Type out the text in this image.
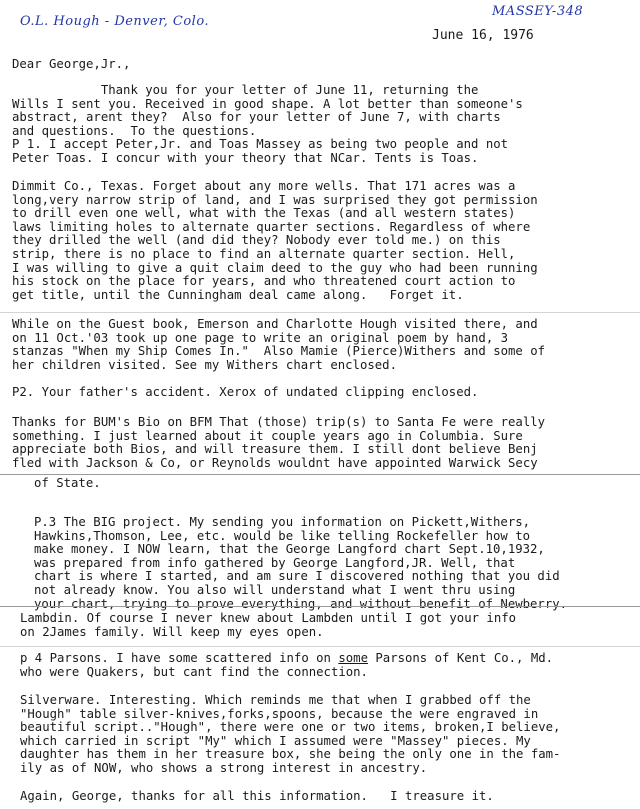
O.L. Hough - Denver, Colo.
MASSEY-348
June 16, 1976
Dear George,Jr.,
Thank you for your letter of June 11, returning the
Wills I sent you. Received in good shape. A lot better than someone's
abstract, arent they?  Also for your letter of June 7, with charts
and questions.  To the questions.
P 1. I accept Peter,Jr. and Toas Massey as being two people and not
Peter Toas. I concur with your theory that NCar. Tents is Toas.
Dimmit Co., Texas. Forget about any more wells. That 171 acres was a
long,very narrow strip of land, and I was surprised they got permission
to drill even one well, what with the Texas (and all western states)
laws limiting holes to alternate quarter sections. Regardless of where
they drilled the well (and did they? Nobody ever told me.) on this
strip, there is no place to find an alternate quarter section. Hell,
I was willing to give a quit claim deed to the guy who had been running
his stock on the place for years, and who threatened court action to
get title, until the Cunningham deal came along.   Forget it.
While on the Guest book, Emerson and Charlotte Hough visited there, and
on 11 Oct.'03 took up one page to write an original poem by hand, 3
stanzas "When my Ship Comes In."  Also Mamie (Pierce)Withers and some of
her children visited. See my Withers chart enclosed.
P2. Your father's accident. Xerox of undated clipping enclosed.
Thanks for BUM's Bio on BFM That (those) trip(s) to Santa Fe were really
something. I just learned about it couple years ago in Columbia. Sure
appreciate both Bios, and will treasure them. I still dont believe Benj
fled with Jackson & Co, or Reynolds wouldnt have appointed Warwick Secy
of State.
P.3 The BIG project. My sending you information on Pickett,Withers,
Hawkins,Thomson, Lee, etc. would be like telling Rockefeller how to
make money. I NOW learn, that the George Langford chart Sept.10,1932,
was prepared from info gathered by George Langford,JR. Well, that
chart is where I started, and am sure I discovered nothing that you did
not already know. You also will understand what I went thru using
your chart, trying to prove everything, and without benefit of Newberry.
Lambdin. Of course I never knew about Lambden until I got your info
on 2James family. Will keep my eyes open.
p 4 Parsons. I have some scattered info on some Parsons of Kent Co., Md.
who were Quakers, but cant find the connection.
Silverware. Interesting. Which reminds me that when I grabbed off the
"Hough" table silver-knives,forks,spoons, because the were engraved in
beautiful script.."Hough", there were one or two items, broken,I believe,
which carried in script "My" which I assumed were "Massey" pieces. My
daughter has them in her treasure box, she being the only one in the fam-
ily as of NOW, who shows a strong interest in ancestry.
Again, George, thanks for all this information.   I treasure it.
